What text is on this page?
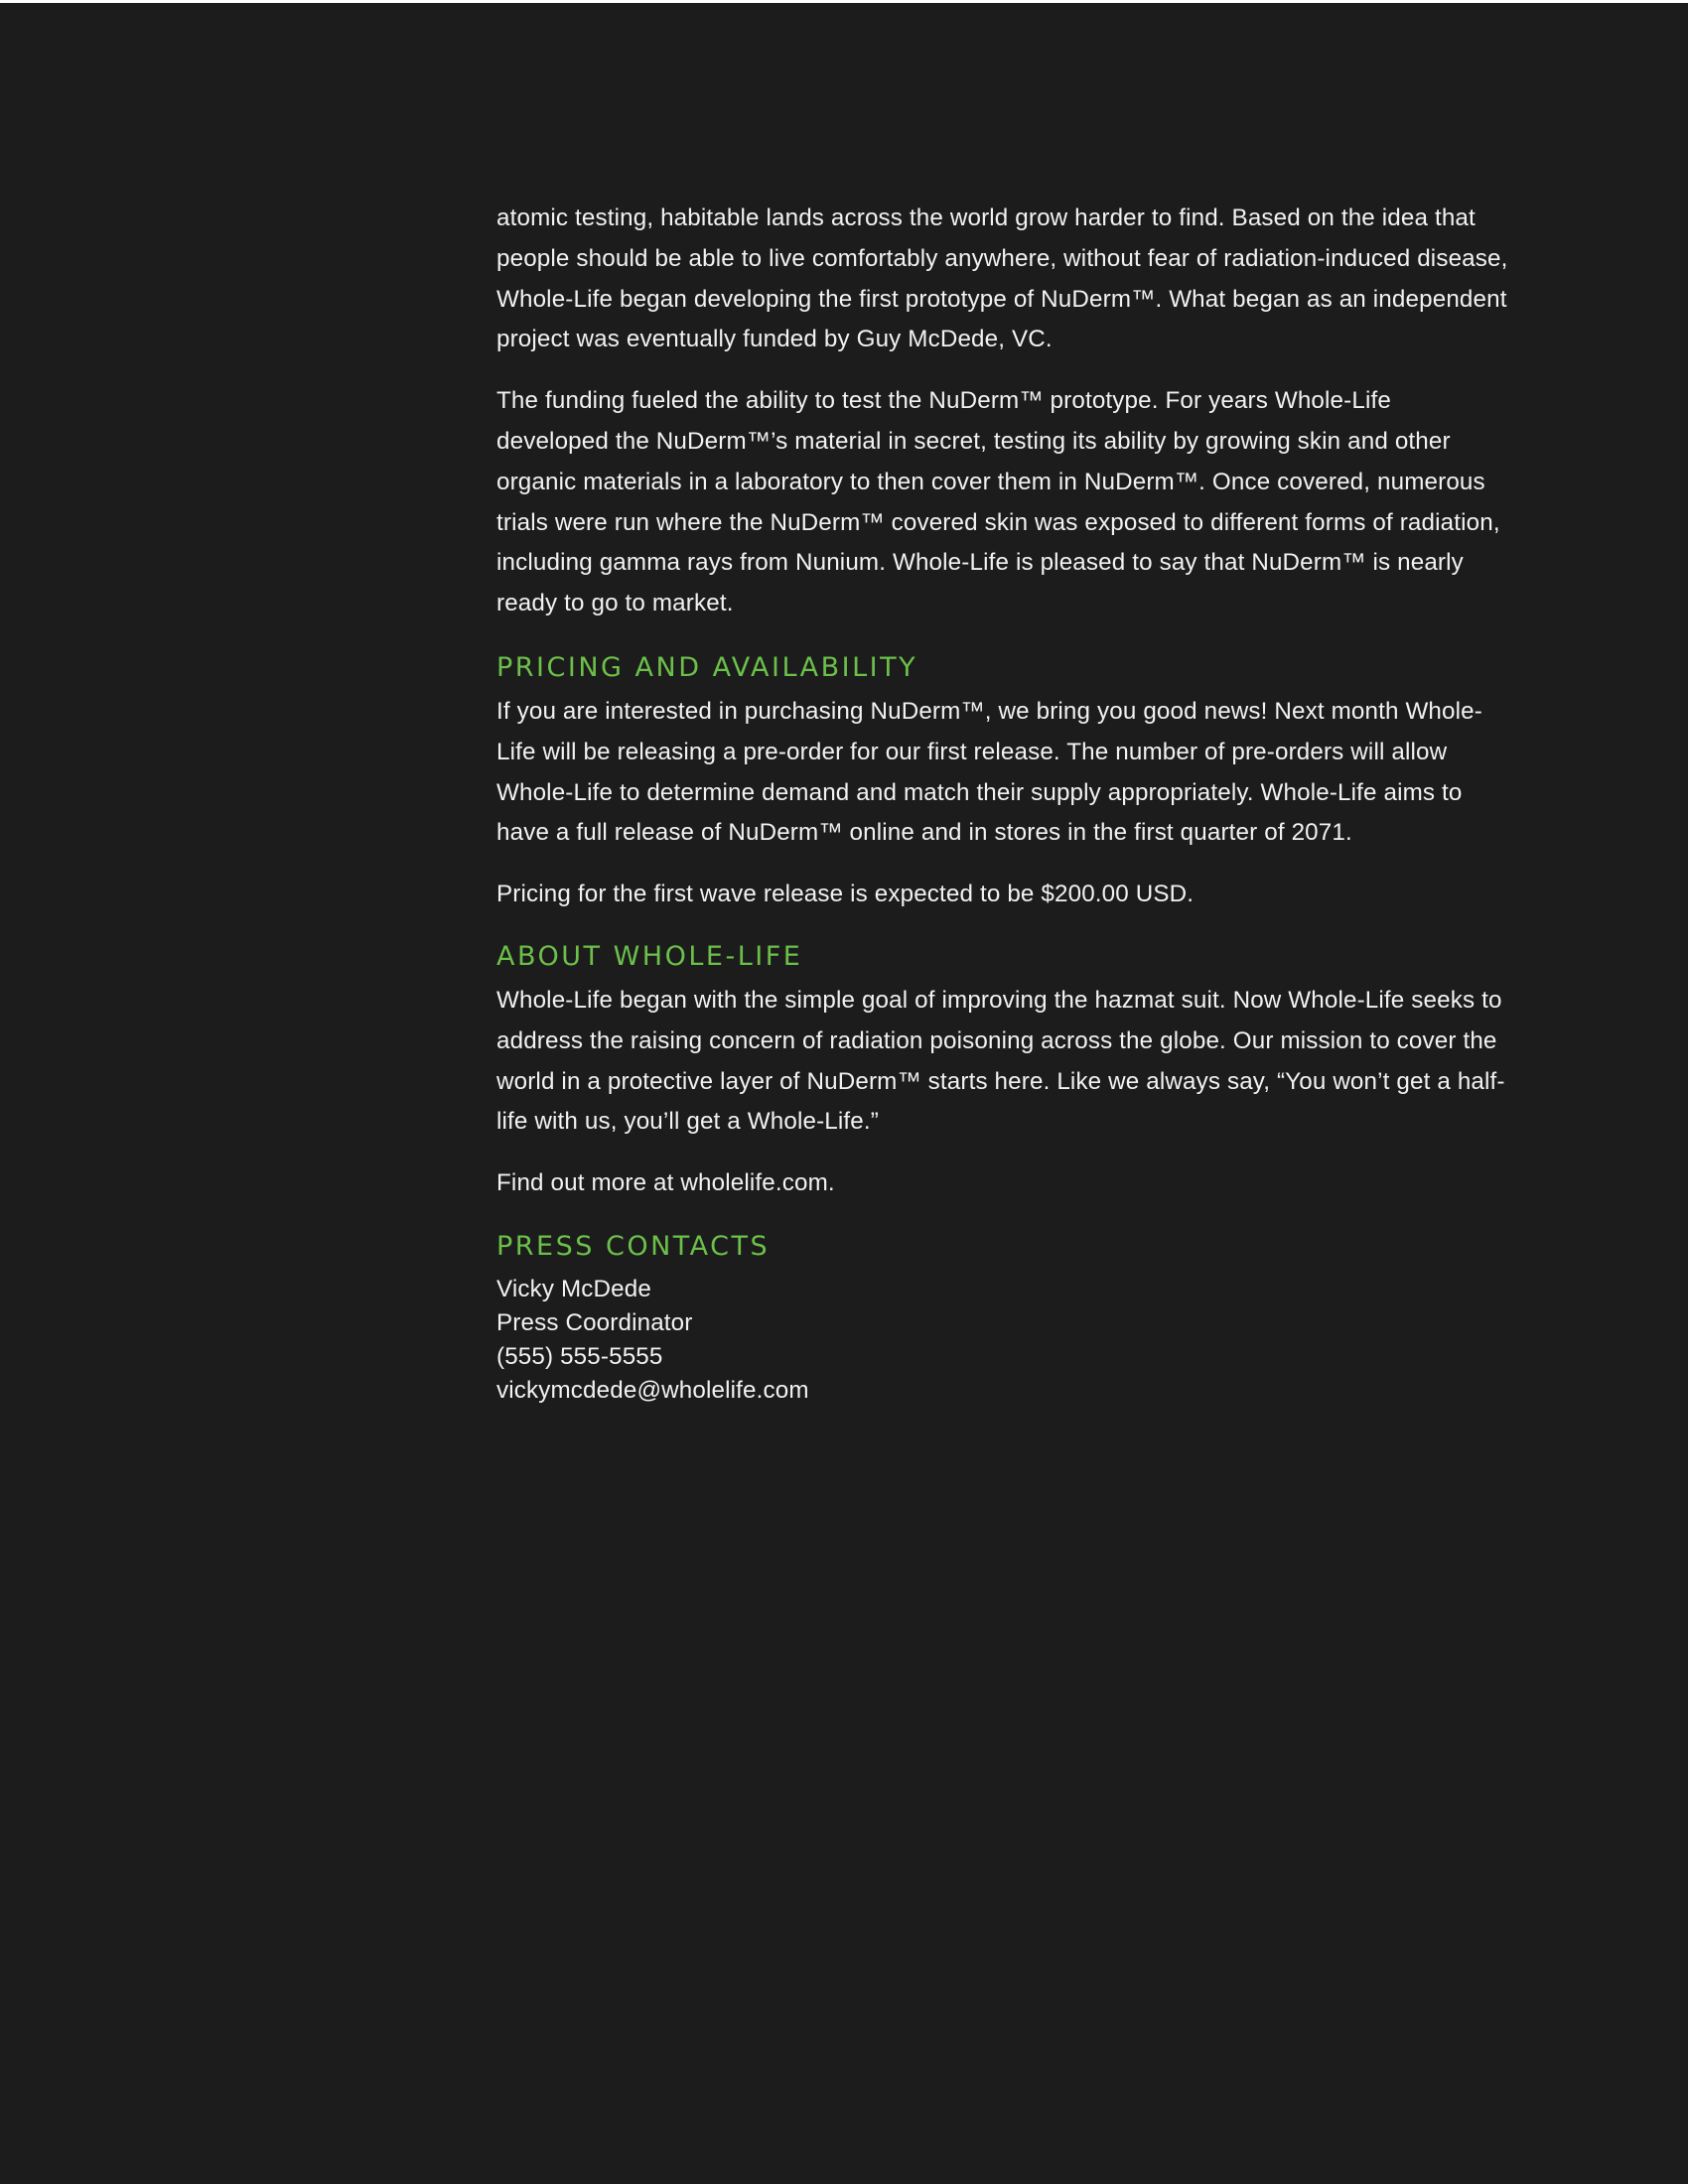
atomic testing, habitable lands across the world grow harder to find. Based on the idea that people should be able to live comfortably anywhere, without fear of radiation-induced disease, Whole-Life began developing the first prototype of NuDerm™. What began as an independent project was eventually funded by Guy McDede, VC.

The funding fueled the ability to test the NuDerm™ prototype. For years Whole-Life developed the NuDerm™’s material in secret, testing its ability by growing skin and other organic materials in a laboratory to then cover them in NuDerm™. Once covered, numerous trials were run where the NuDerm™ covered skin was exposed to different forms of radiation, including gamma rays from Nunium. Whole-Life is pleased to say that NuDerm™ is nearly ready to go to market.

PRICING AND AVAILABILITY

If you are interested in purchasing NuDerm™, we bring you good news! Next month Whole-Life will be releasing a pre-order for our first release. The number of pre-orders will allow Whole-Life to determine demand and match their supply appropriately. Whole-Life aims to have a full release of NuDerm™ online and in stores in the first quarter of 2071.

Pricing for the first wave release is expected to be $200.00 USD.

ABOUT WHOLE-LIFE

Whole-Life began with the simple goal of improving the hazmat suit. Now Whole-Life seeks to address the raising concern of radiation poisoning across the globe. Our mission to cover the world in a protective layer of NuDerm™ starts here. Like we always say, “You won’t get a half-life with us, you’ll get a Whole-Life.”

Find out more at wholelife.com.

PRESS CONTACTS
Vicky McDede
Press Coordinator
(555) 555-5555
vickymcdede@wholelife.com
